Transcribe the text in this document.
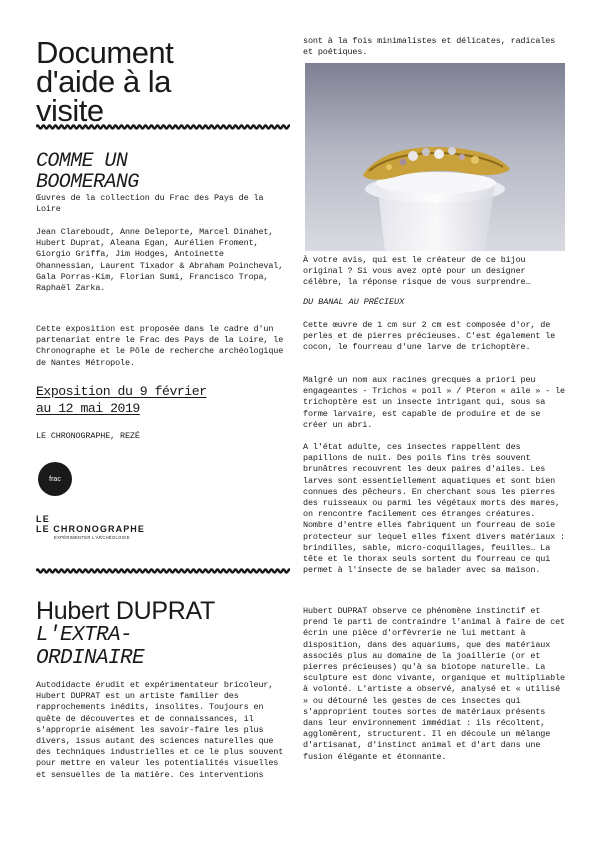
Document
d'aide à la
visite
COMME UN
BOOMERANG

Œuvres de la collection du Frac des Pays de la Loire

Jean Clareboudt, Anne Deleporte, Marcel Dinahet, Hubert Duprat, Aleana Egan, Aurélien Froment, Giorgio Griffa, Jim Hodges, Antoinette Ohannessian, Laurent Tixador & Abraham Poincheval, Gala Porras-Kim, Florian Sumi, Francisco Tropa, Raphaël Zarka.

Cette exposition est proposée dans le cadre d'un partenariat entre le Frac des Pays de la Loire, le Chronographe et le Pôle de recherche archéologique de Nantes Métropole.

Exposition du 9 février
au 12 mai 2019

LE CHRONOGRAPHE, REZÉ

frac
LE
LE CHRONOGRAPHE
EXPÉRIMENTER L'ARCHÉOLOGIE
Hubert DUPRAT
L'EXTRA-
ORDINAIRE

Autodidacte érudit et expérimentateur bricoleur, Hubert DUPRAT est un artiste familier des rapprochements inédits, insolites. Toujours en quête de découvertes et de connaissances, il s'approprie aisément les savoir-faire les plus divers, issus autant des sciences naturelles que des techniques industrielles et ce le plus souvent pour mettre en valeur les potentialités visuelles et sensuelles de la matière. Ces interventions

sont à la fois minimalistes et délicates, radicales et poétiques.

À votre avis, qui est le créateur de ce bijou original ? Si vous avez opté pour un designer célèbre, la réponse risque de vous surprendre…

DU BANAL AU PRÉCIEUX

Cette œuvre de 1 cm sur 2 cm est composée d'or, de perles et de pierres précieuses. C'est également le cocon, le fourreau d'une larve de trichoptère.

Malgré un nom aux racines grecques a priori peu engageantes - Trichos « poil » / Pteron « aile » - le trichoptère est un insecte intrigant qui, sous sa forme larvaire, est capable de produire et de se créer un abri.

A l'état adulte, ces insectes rappellent des papillons de nuit. Des poils fins très souvent brunâtres recouvrent les deux paires d'ailes. Les larves sont essentiellement aquatiques et sont bien connues des pêcheurs. En cherchant sous les pierres des ruisseaux ou parmi les végétaux morts des mares, on rencontre facilement ces étranges créatures. Nombre d'entre elles fabriquent un fourreau de soie protecteur sur lequel elles fixent divers matériaux : brindilles, sable, micro-coquillages, feuilles… La tête et le thorax seuls sortent du fourreau ce qui permet à l'insecte de se balader avec sa maison.

Hubert DUPRAT observe ce phénomène instinctif et prend le parti de contraindre l'animal à faire de cet écrin une pièce d'orfèvrerie ne lui mettant à disposition, dans des aquariums, que des matériaux associés plus au domaine de la joaillerie (or et pierres précieuses) qu'à sa biotope naturelle. La sculpture est donc vivante, organique et multipliable à volonté. L'artiste a observé, analysé et « utilisé » ou détourné les gestes de ces insectes qui s'approprient toutes sortes de matériaux présents dans leur environnement immédiat : ils récoltent, agglomèrent, structurent. Il en découle un mélange d'artisanat, d'instinct animal et d'art dans une fusion élégante et étonnante.
